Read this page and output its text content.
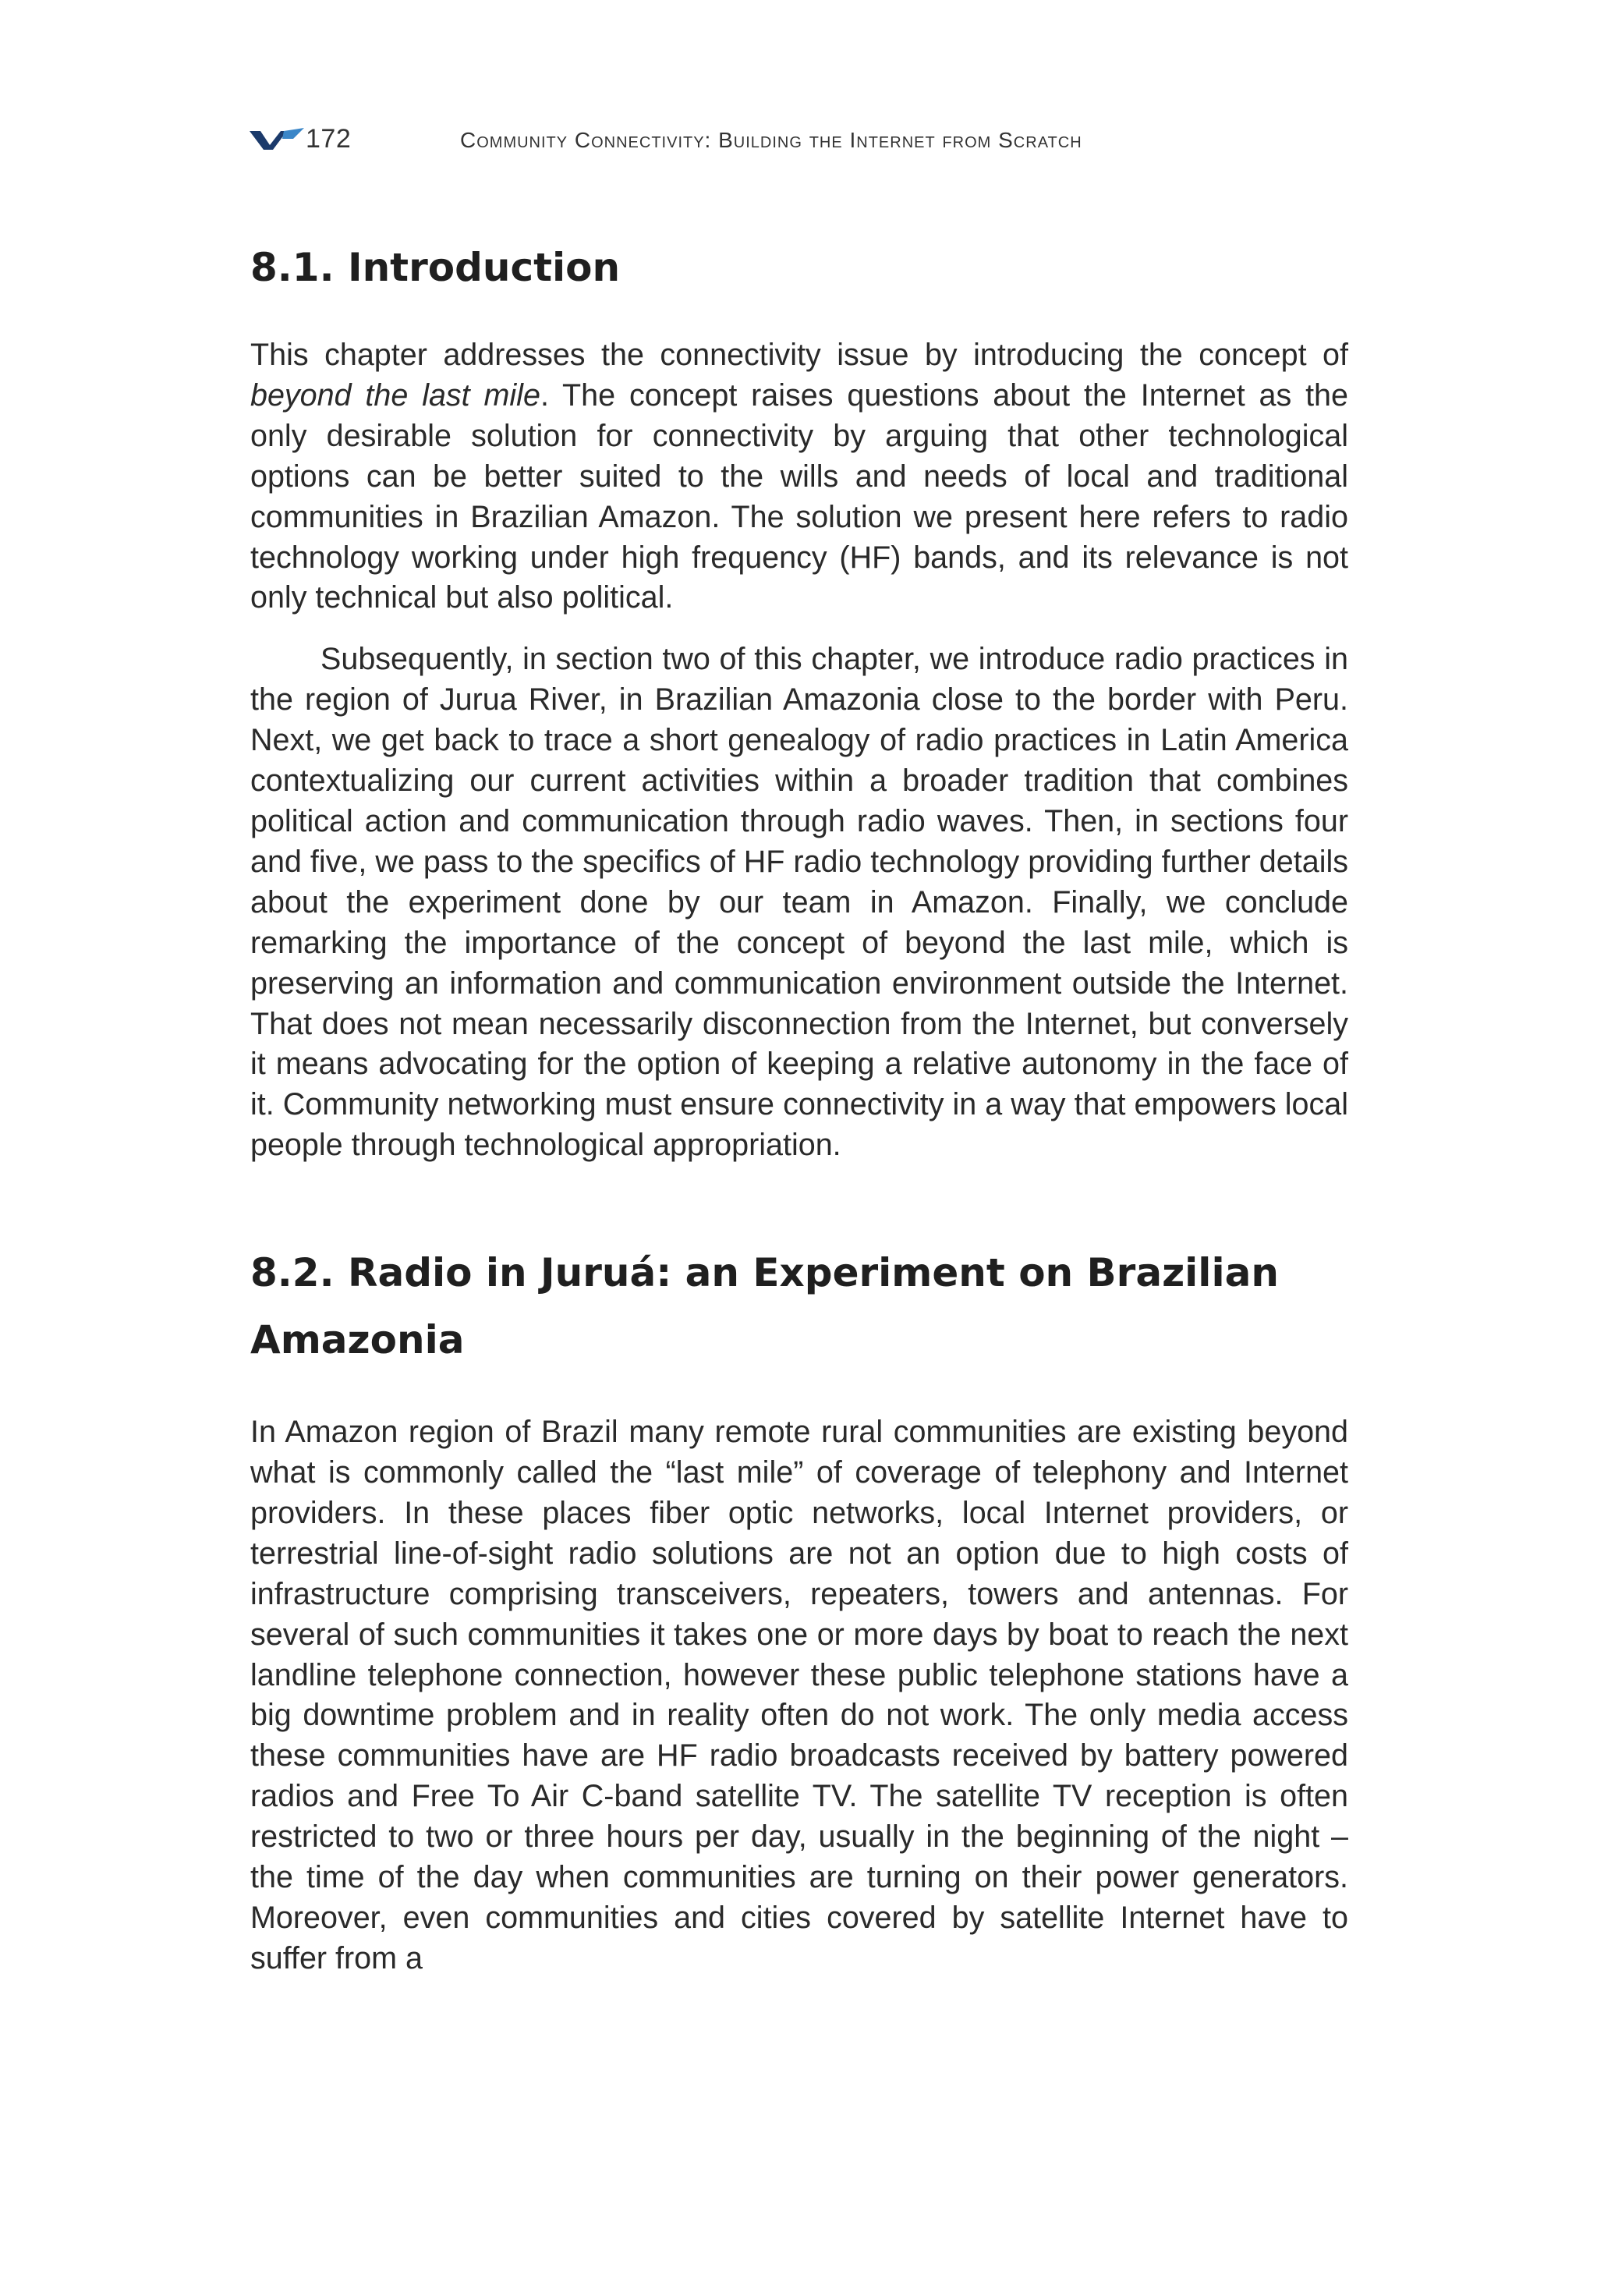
172	Community Connectivity: Building the Internet from Scratch
8.1. Introduction

This chapter addresses the connectivity issue by introducing the concept of beyond the last mile. The concept raises questions about the Internet as the only desirable solution for connectivity by arguing that other technological options can be better suited to the wills and needs of local and traditional communities in Brazilian Amazon. The solution we present here refers to radio technology working under high frequency (HF) bands, and its relevance is not only technical but also political.

Subsequently, in section two of this chapter, we introduce radio practices in the region of Jurua River, in Brazilian Amazonia close to the border with Peru. Next, we get back to trace a short genealogy of radio practices in Latin America contextualizing our current activities within a broader tradition that combines political action and communication through radio waves. Then, in sections four and five, we pass to the specifics of HF radio technology providing further details about the experiment done by our team in Amazon. Finally, we conclude remarking the importance of the concept of beyond the last mile, which is preserving an information and communication environment outside the Internet. That does not mean necessarily disconnection from the Internet, but conversely it means advocating for the option of keeping a relative autonomy in the face of it. Community networking must ensure connectivity in a way that empowers local people through technological appropriation.

8.2. Radio in Juruá: an Experiment on Brazilian Amazonia

In Amazon region of Brazil many remote rural communities are existing beyond what is commonly called the “last mile” of coverage of telephony and Internet providers. In these places fiber optic networks, local Internet providers, or terrestrial line-of-sight radio solutions are not an option due to high costs of infrastructure comprising transceivers, repeaters, towers and antennas. For several of such communities it takes one or more days by boat to reach the next landline telephone connection, however these public telephone stations have a big downtime problem and in reality often do not work. The only media access these communities have are HF radio broadcasts received by battery powered radios and Free To Air C-band satellite TV. The satellite TV reception is often restricted to two or three hours per day, usually in the beginning of the night – the time of the day when communities are turning on their power generators. Moreover, even communities and cities covered by satellite Internet have to suffer from a
